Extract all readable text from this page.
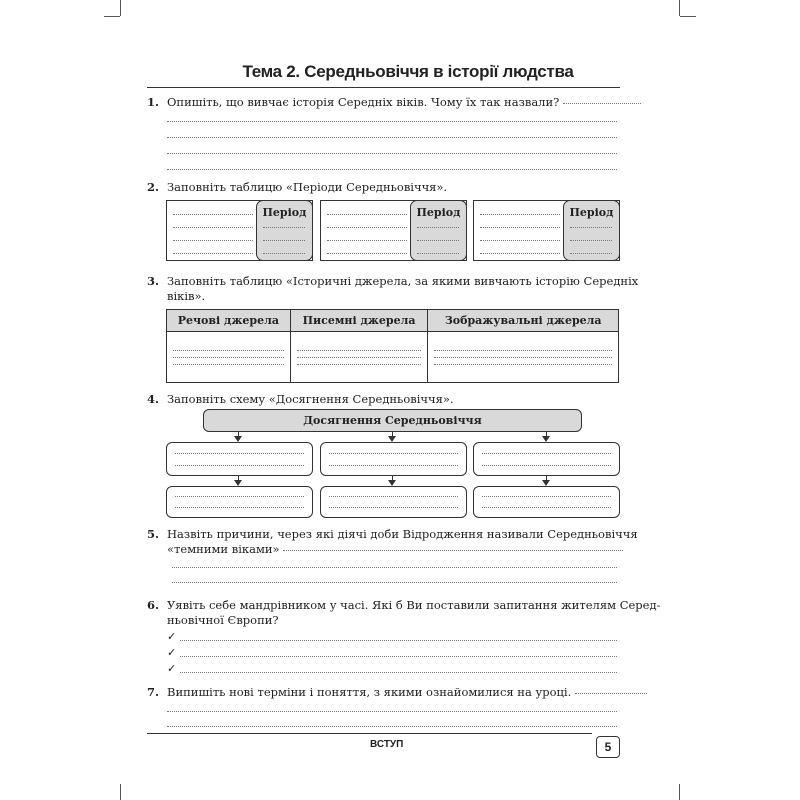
Тема 2. Середньовіччя в історії людства
1. Опишіть, що вивчає історія Середніх віків. Чому їх так назвали?
2. Заповніть таблицю «Періоди Середньовіччя».
Період	Період	Період
3. Заповніть таблицю «Історичні джерела, за якими вивчають історію Середніх
віків».
Речові джерела	Писемні джерела	Зображувальні джерела

4. Заповніть схему «Досягнення Середньовіччя».
Досягнення Середньовіччя
5. Назвіть причини, через які діячі доби Відродження називали Середньовіччя
«темними віками»
6. Уявіть себе мандрівником у часі. Які б Ви поставили запитання жителям Серед-
ньовічної Європи?
✓
✓
✓
7. Випишіть нові терміни і поняття, з якими ознайомилися на уроці.
ВСТУП	5
